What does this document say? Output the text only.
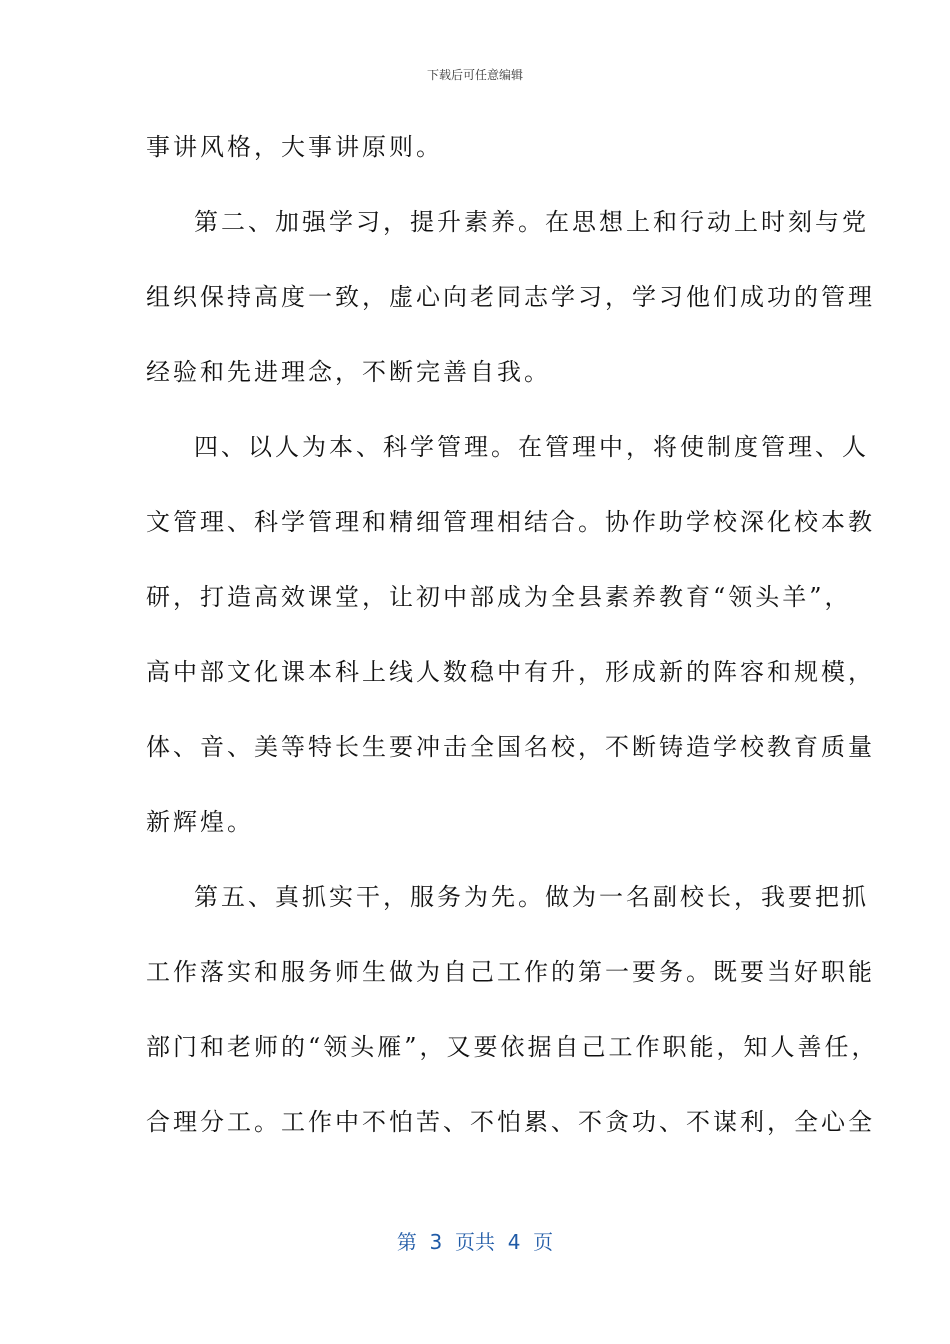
下载后可任意编辑
事讲风格，大事讲原则。
第二、加强学习，提升素养。在思想上和行动上时刻与党
组织保持高度一致，虚心向老同志学习，学习他们成功的管理
经验和先进理念，不断完善自我。
四、以人为本、科学管理。在管理中，将使制度管理、人
文管理、科学管理和精细管理相结合。协作助学校深化校本教
研，打造高效课堂，让初中部成为全县素养教育“领头羊”，
高中部文化课本科上线人数稳中有升，形成新的阵容和规模，
体、音、美等特长生要冲击全国名校，不断铸造学校教育质量
新辉煌。
第五、真抓实干，服务为先。做为一名副校长，我要把抓
工作落实和服务师生做为自己工作的第一要务。既要当好职能
部门和老师的“领头雁”，又要依据自己工作职能，知人善任，
合理分工。工作中不怕苦、不怕累、不贪功、不谋利，全心全
第  3  页共  4  页
